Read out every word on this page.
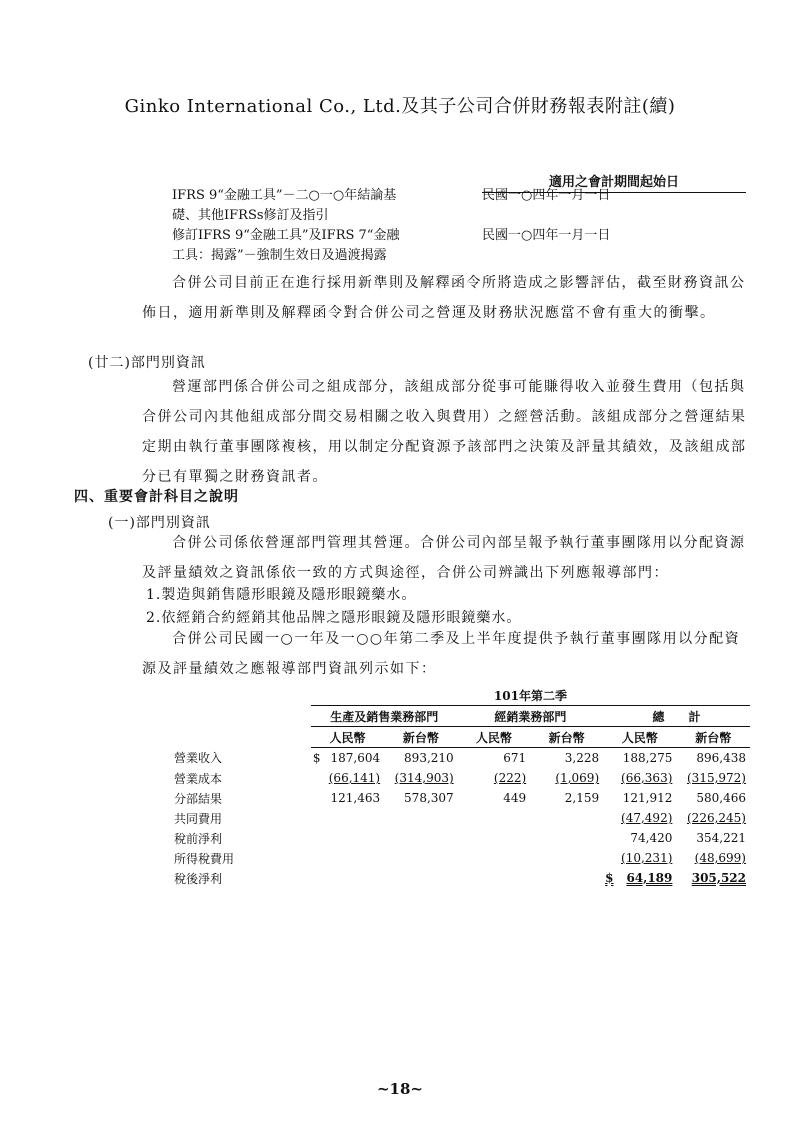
Ginko International Co., Ltd.及其子公司合併財務報表附註(續)
適用之會計期間起始日
IFRS 9“金融工具”－二○一○年結論基
礎、其他IFRSs修訂及指引
民國一○四年一月一日
修訂IFRS 9“金融工具”及IFRS 7“金融
工具：揭露”－強制生效日及過渡揭露
民國一○四年一月一日

合併公司目前正在進行採用新準則及解釋函令所將造成之影響評估，截至財務資訊公佈日，適用新準則及解釋函令對合併公司之營運及財務狀況應當不會有重大的衝擊。

(廿二)部門別資訊

營運部門係合併公司之組成部分，該組成部分從事可能賺得收入並發生費用（包括與合併公司內其他組成部分間交易相關之收入與費用）之經營活動。該組成部分之營運結果定期由執行董事團隊複核，用以制定分配資源予該部門之決策及評量其績效，及該組成部分已有單獨之財務資訊者。

四、重要會計科目之說明
(一)部門別資訊

合併公司係依營運部門管理其營運。合併公司內部呈報予執行董事團隊用以分配資源及評量績效之資訊係依一致的方式與途徑，合併公司辨識出下列應報導部門：

1.製造與銷售隱形眼鏡及隱形眼鏡藥水。
2.依經銷合約經銷其他品牌之隱形眼鏡及隱形眼鏡藥水。

合併公司民國一○一年及一○○年第二季及上半年度提供予執行董事團隊用以分配資源及評量績效之應報導部門資訊列示如下：

	101年第二季					
	生產及銷售業務部門		經銷業務部門		總　　計	
	人民幣	新台幣	人民幣	新台幣	人民幣	新台幣
營業收入	$ 187,604	893,210	671	3,228	188,275	896,438
營業成本	(66,141)	(314,903)	(222)	(1,069)	(66,363)	(315,972)
分部結果	121,463	578,307	449	2,159	121,912	580,466
共同費用					(47,492)	(226,245)
稅前淨利					74,420	354,221
所得稅費用					(10,231)	(48,699)
稅後淨利					$ 64,189	305,522
~18~
